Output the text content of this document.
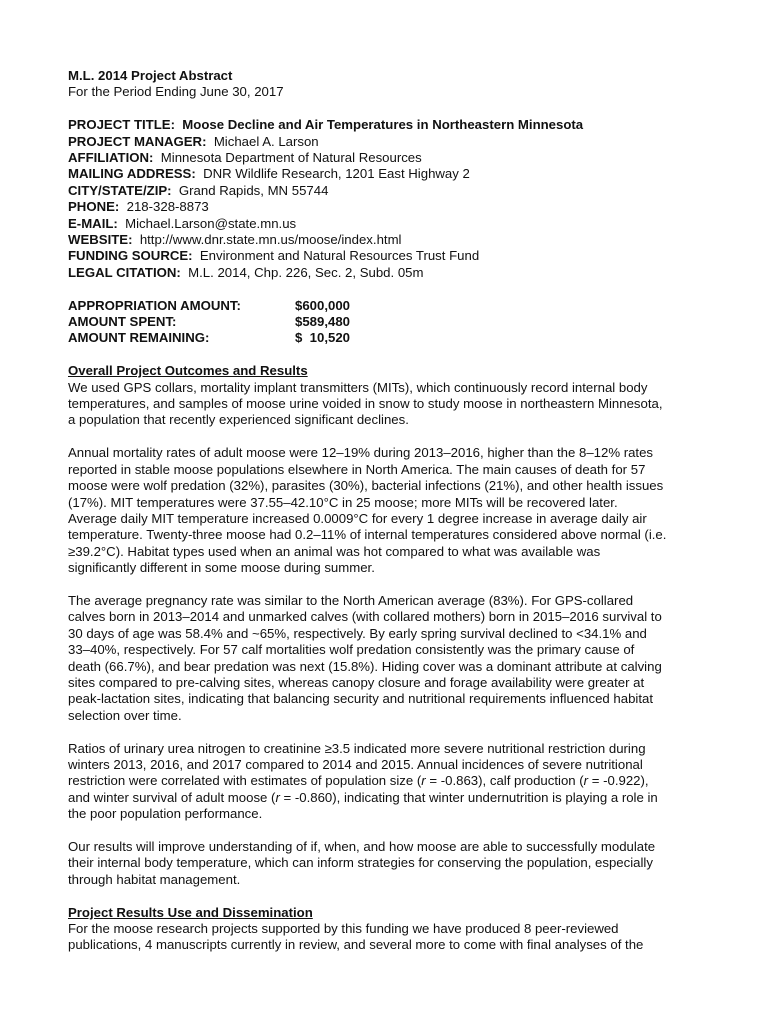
M.L. 2014 Project Abstract
For the Period Ending June 30, 2017
PROJECT TITLE: Moose Decline and Air Temperatures in Northeastern Minnesota
PROJECT MANAGER: Michael A. Larson
AFFILIATION: Minnesota Department of Natural Resources
MAILING ADDRESS: DNR Wildlife Research, 1201 East Highway 2
CITY/STATE/ZIP: Grand Rapids, MN 55744
PHONE: 218-328-8873
E-MAIL: Michael.Larson@state.mn.us
WEBSITE: http://www.dnr.state.mn.us/moose/index.html
FUNDING SOURCE: Environment and Natural Resources Trust Fund
LEGAL CITATION: M.L. 2014, Chp. 226, Sec. 2, Subd. 05m
APPROPRIATION AMOUNT:	$600,000
AMOUNT SPENT:	$589,480
AMOUNT REMAINING:	$  10,520
Overall Project Outcomes and Results

We used GPS collars, mortality implant transmitters (MITs), which continuously record internal body

temperatures, and samples of moose urine voided in snow to study moose in northeastern Minnesota,

a population that recently experienced significant declines.

Annual mortality rates of adult moose were 12–19% during 2013–2016, higher than the 8–12% rates

reported in stable moose populations elsewhere in North America. The main causes of death for 57

moose were wolf predation (32%), parasites (30%), bacterial infections (21%), and other health issues

(17%). MIT temperatures were 37.55–42.10°C in 25 moose; more MITs will be recovered later.

Average daily MIT temperature increased 0.0009°C for every 1 degree increase in average daily air

temperature. Twenty-three moose had 0.2–11% of internal temperatures considered above normal (i.e.

≥39.2°C). Habitat types used when an animal was hot compared to what was available was

significantly different in some moose during summer.

The average pregnancy rate was similar to the North American average (83%). For GPS-collared

calves born in 2013–2014 and unmarked calves (with collared mothers) born in 2015–2016 survival to

30 days of age was 58.4% and ~65%, respectively. By early spring survival declined to <34.1% and

33–40%, respectively. For 57 calf mortalities wolf predation consistently was the primary cause of

death (66.7%), and bear predation was next (15.8%). Hiding cover was a dominant attribute at calving

sites compared to pre-calving sites, whereas canopy closure and forage availability were greater at

peak-lactation sites, indicating that balancing security and nutritional requirements influenced habitat

selection over time.

Ratios of urinary urea nitrogen to creatinine ≥3.5 indicated more severe nutritional restriction during

winters 2013, 2016, and 2017 compared to 2014 and 2015. Annual incidences of severe nutritional

restriction were correlated with estimates of population size (r = -0.863), calf production (r = -0.922),

and winter survival of adult moose (r = -0.860), indicating that winter undernutrition is playing a role in

the poor population performance.

Our results will improve understanding of if, when, and how moose are able to successfully modulate

their internal body temperature, which can inform strategies for conserving the population, especially

through habitat management.

Project Results Use and Dissemination

For the moose research projects supported by this funding we have produced 8 peer-reviewed

publications, 4 manuscripts currently in review, and several more to come with final analyses of the
